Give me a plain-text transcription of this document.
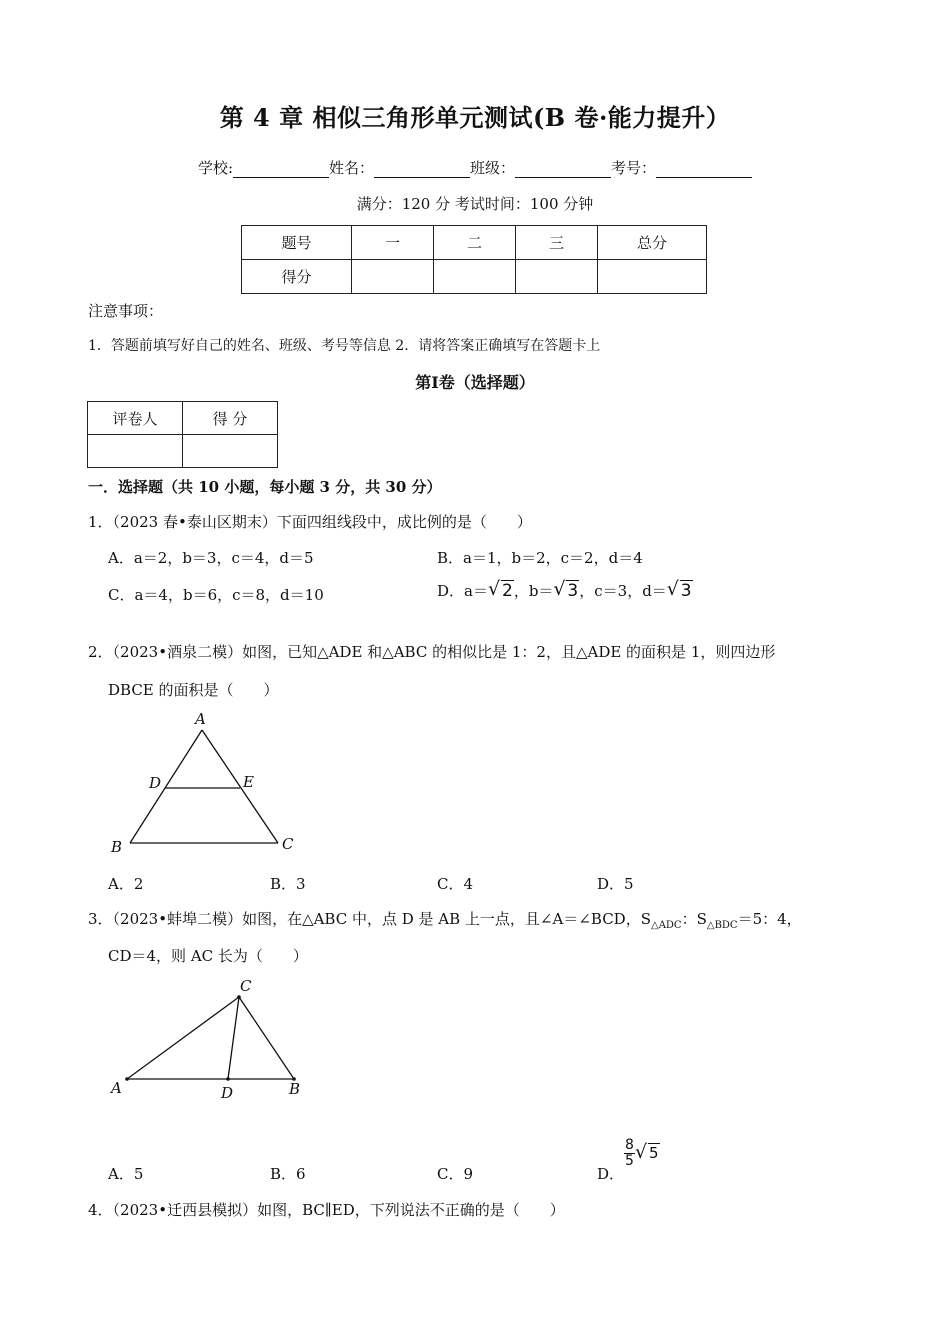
第 4 章 相似三角形单元测试(B 卷·能力提升）
学校:	姓名：	班级：	考号：
满分：120 分 考试时间：100 分钟
题号	一	二	三	总分
得分				
注意事项：
1．答题前填写好自己的姓名、班级、考号等信息 2．请将答案正确填写在答题卡上
第Ⅰ卷（选择题）
评卷人	得 分

一．选择题（共 10 小题，每小题 3 分，共 30 分）
1．（2023 春•泰山区期末）下面四组线段中，成比例的是（　　）
A．a＝2，b＝3，c＝4，d＝5	B．a＝1，b＝2，c＝2，d＝4
C．a＝4，b＝6，c＝8，d＝10	D．a＝ √ 2，b＝ √ 3，c＝3，d＝ √ 3
2．（2023•酒泉二模）如图，已知△ADE 和△ABC 的相似比是 1：2，且△ADE 的面积是 1，则四边形
DBCE 的面积是（　　）
A
D	E
B	C
A．2	B．3	C．4	D．5
3．（2023•蚌埠二模）如图，在△ABC 中，点 D 是 AB 上一点，且∠A＝∠BCD，$S_{\triangle ADC}$：$S_{\triangle BDC}=5$：4，
CD＝4，则 AC 长为（　　）
C
A	D	B
A．5	B．6	C．9	D．
$\frac{8}{5}$ √ 5
4．（2023•迁西县模拟）如图，BC∥ED，下列说法不正确的是（　　）
